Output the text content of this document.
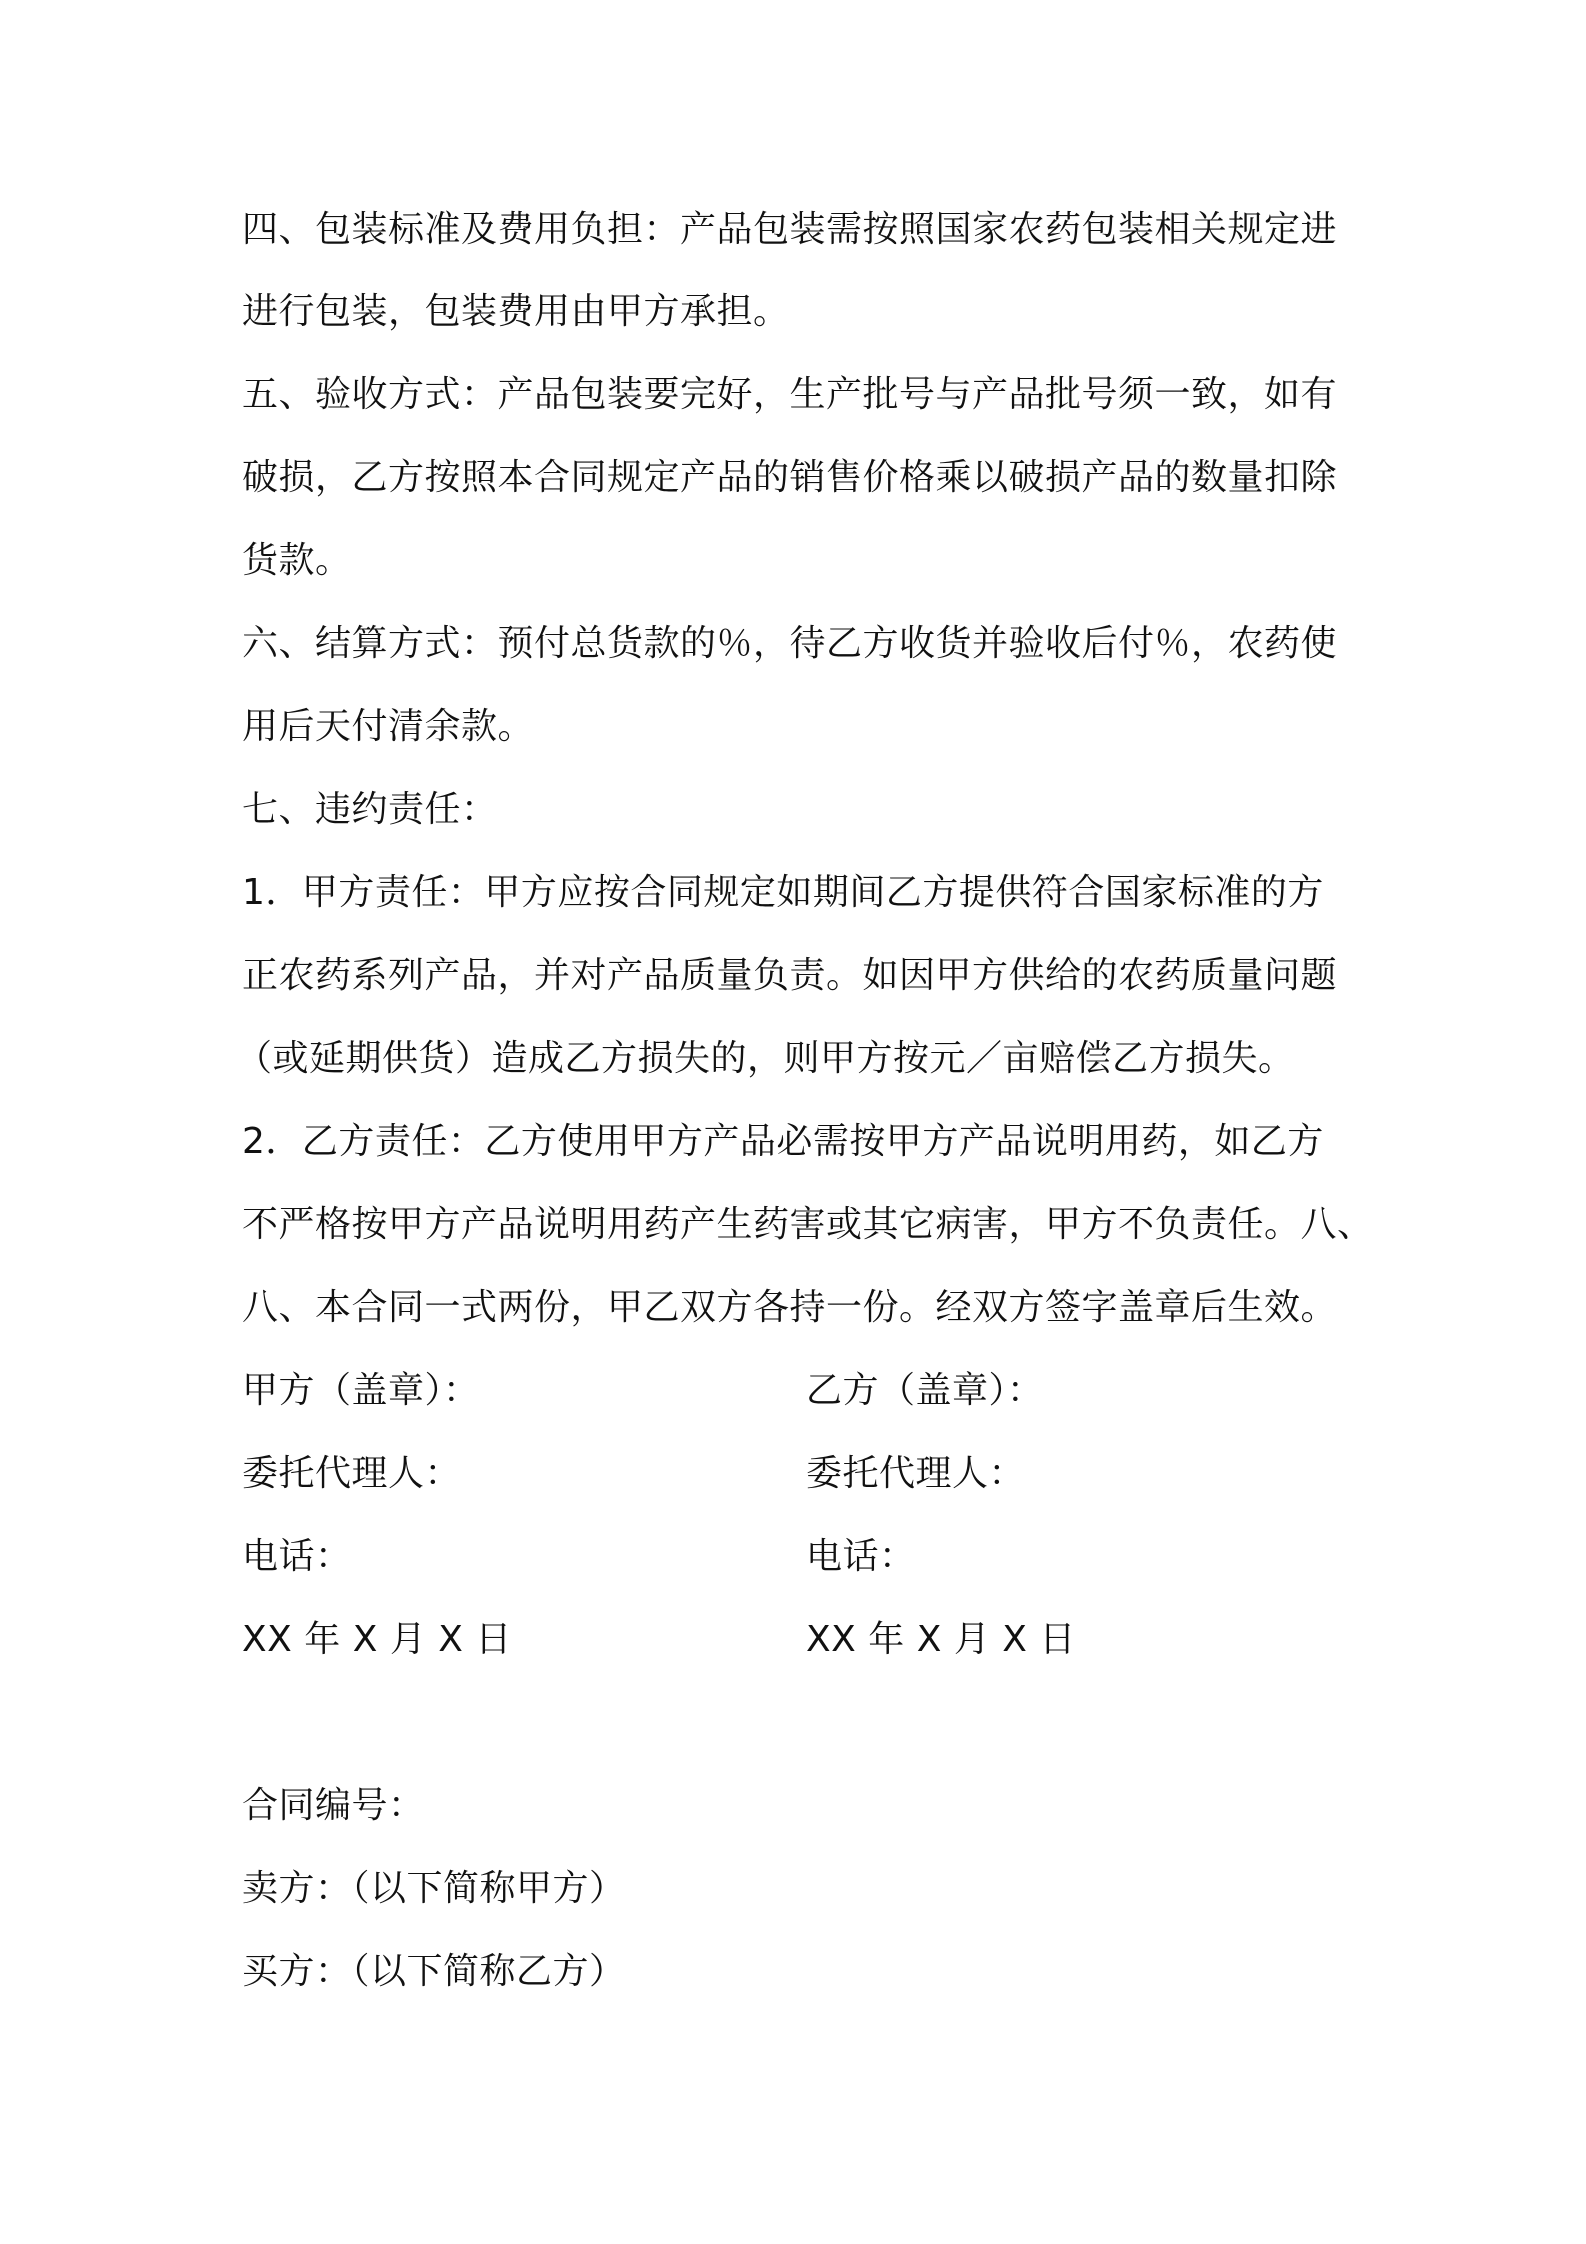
四、包装标准及费用负担：产品包装需按照国家农药包装相关规定进
进行包装，包装费用由甲方承担。
五、验收方式：产品包装要完好，生产批号与产品批号须一致，如有
破损，乙方按照本合同规定产品的销售价格乘以破损产品的数量扣除
货款。
六、结算方式：预付总货款的％，待乙方收货并验收后付％，农药使
用后天付清余款。
七、违约责任：
1．甲方责任：甲方应按合同规定如期间乙方提供符合国家标准的方
正农药系列产品，并对产品质量负责。如因甲方供给的农药质量问题
（或延期供货）造成乙方损失的，则甲方按元／亩赔偿乙方损失。
2．乙方责任：乙方使用甲方产品必需按甲方产品说明用药，如乙方
不严格按甲方产品说明用药产生药害或其它病害，甲方不负责任。八、
八、本合同一式两份，甲乙双方各持一份。经双方签字盖章后生效。
甲方（盖章）：	乙方（盖章）：
委托代理人：	委托代理人：
电话：	电话：
XX 年 X 月 X 日	XX 年 X 月 X 日
合同编号：
卖方：（以下简称甲方）
买方：（以下简称乙方）
